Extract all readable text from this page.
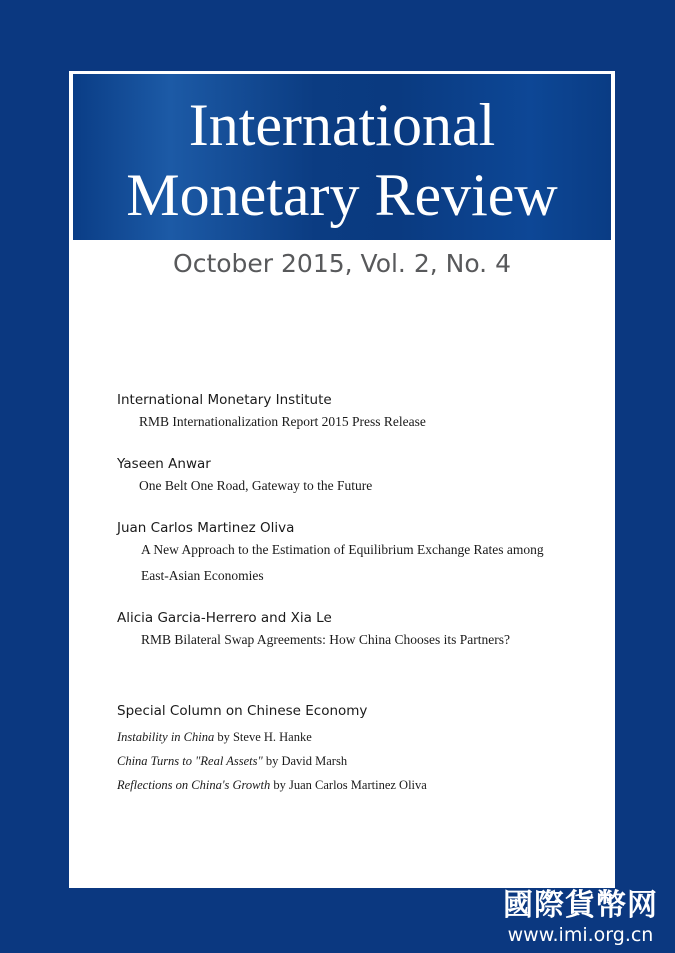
International
Monetary Review
October 2015, Vol. 2, No. 4
International Monetary Institute
RMB Internationalization Report 2015 Press Release
Yaseen Anwar
One Belt One Road, Gateway to the Future
Juan Carlos Martinez Oliva
A New Approach to the Estimation of Equilibrium Exchange Rates among
East-Asian Economies
Alicia Garcia-Herrero and Xia Le
RMB Bilateral Swap Agreements: How China Chooses its Partners?
Special Column on Chinese Economy
Instability in China by Steve H. Hanke
China Turns to "Real Assets" by David Marsh
Reflections on China's Growth by Juan Carlos Martinez Oliva
國際貨幣网
www.imi.org.cn
